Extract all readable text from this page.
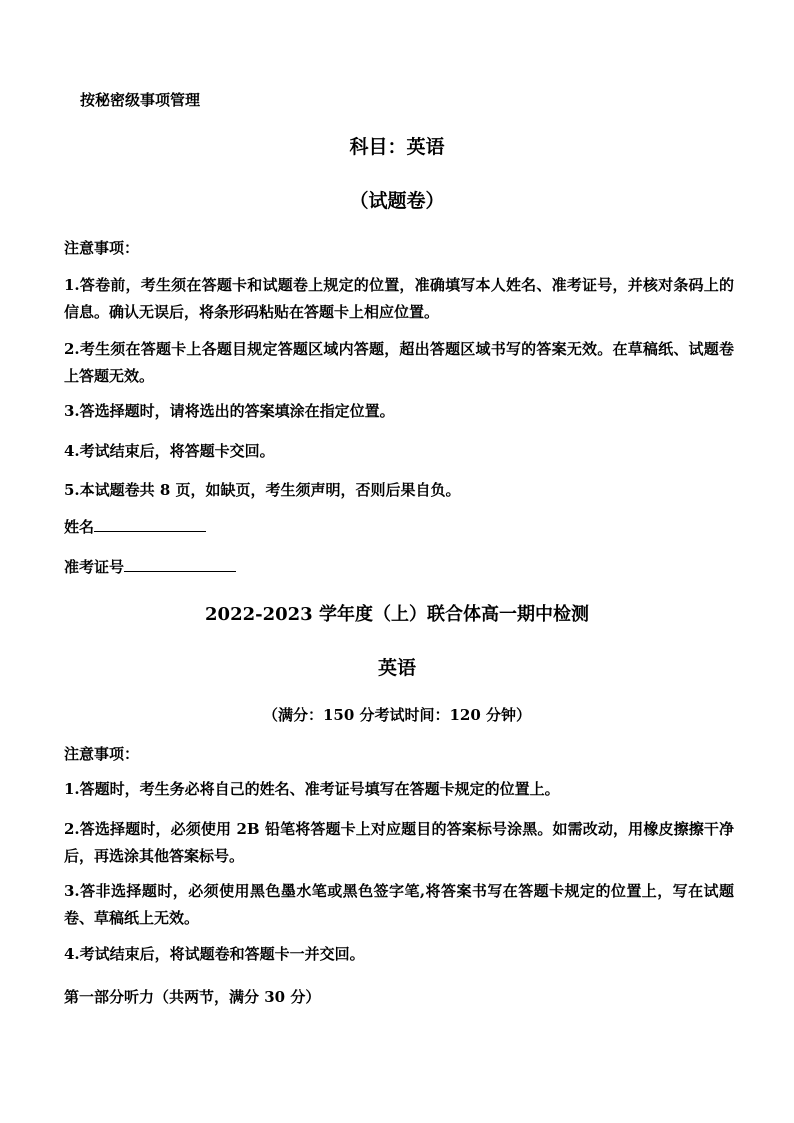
按秘密级事项管理
科目：英语
（试题卷）
注意事项：
1.答卷前，考生须在答题卡和试题卷上规定的位置，准确填写本人姓名、准考证号，并核对条码上的信息。确认无误后，将条形码粘贴在答题卡上相应位置。
2.考生须在答题卡上各题目规定答题区域内答题，超出答题区域书写的答案无效。在草稿纸、试题卷上答题无效。
3.答选择题时，请将选出的答案填涂在指定位置。
4.考试结束后，将答题卡交回。
5.本试题卷共 8 页，如缺页，考生须声明，否则后果自负。
姓名
准考证号
2022-2023 学年度（上）联合体高一期中检测
英语
（满分：150 分考试时间：120 分钟）
注意事项：
1.答题时，考生务必将自己的姓名、准考证号填写在答题卡规定的位置上。
2.答选择题时，必须使用 2B 铅笔将答题卡上对应题目的答案标号涂黑。如需改动，用橡皮擦擦干净后，再选涂其他答案标号。
3.答非选择题时，必须使用黑色墨水笔或黑色签字笔,将答案书写在答题卡规定的位置上，写在试题卷、草稿纸上无效。
4.考试结束后，将试题卷和答题卡一并交回。
第一部分听力（共两节，满分 30 分）
